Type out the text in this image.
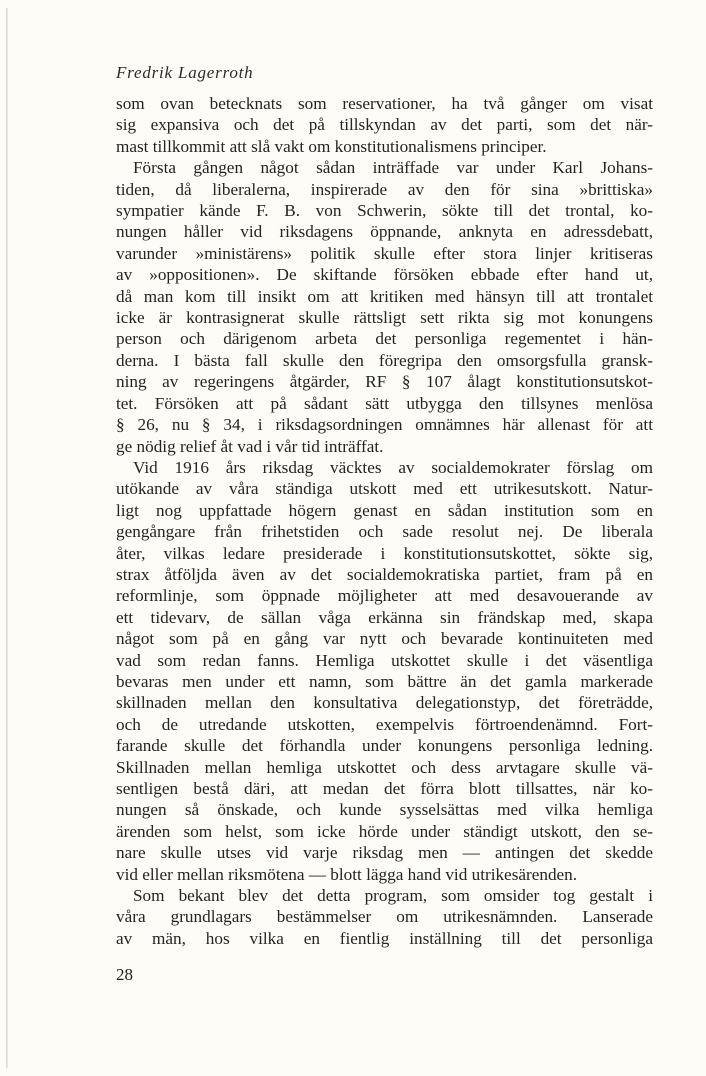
Fredrik Lagerroth
som ovan betecknats som reservationer, ha två gånger om visat
sig expansiva och det på tillskyndan av det parti, som det när-
mast tillkommit att slå vakt om konstitutionalismens principer.
Första gången något sådan inträffade var under Karl Johans-
tiden, då liberalerna, inspirerade av den för sina »brittiska»
sympatier kände F. B. von Schwerin, sökte till det trontal, ko-
nungen håller vid riksdagens öppnande, anknyta en adressdebatt,
varunder »ministärens» politik skulle efter stora linjer kritiseras
av »oppositionen». De skiftande försöken ebbade efter hand ut,
då man kom till insikt om att kritiken med hänsyn till att trontalet
icke är kontrasignerat skulle rättsligt sett rikta sig mot konungens
person och därigenom arbeta det personliga regementet i hän-
derna. I bästa fall skulle den föregripa den omsorgsfulla gransk-
ning av regeringens åtgärder, RF § 107 ålagt konstitutionsutskot-
tet. Försöken att på sådant sätt utbygga den tillsynes menlösa
§ 26, nu § 34, i riksdagsordningen omnämnes här allenast för att
ge nödig relief åt vad i vår tid inträffat.
Vid 1916 års riksdag väcktes av socialdemokrater förslag om
utökande av våra ständiga utskott med ett utrikesutskott. Natur-
ligt nog uppfattade högern genast en sådan institution som en
gengångare från frihetstiden och sade resolut nej. De liberala
åter, vilkas ledare presiderade i konstitutionsutskottet, sökte sig,
strax åtföljda även av det socialdemokratiska partiet, fram på en
reformlinje, som öppnade möjligheter att med desavouerande av
ett tidevarv, de sällan våga erkänna sin frändskap med, skapa
något som på en gång var nytt och bevarade kontinuiteten med
vad som redan fanns. Hemliga utskottet skulle i det väsentliga
bevaras men under ett namn, som bättre än det gamla markerade
skillnaden mellan den konsultativa delegationstyp, det företrädde,
och de utredande utskotten, exempelvis förtroendenämnd. Fort-
farande skulle det förhandla under konungens personliga ledning.
Skillnaden mellan hemliga utskottet och dess arvtagare skulle vä-
sentligen bestå däri, att medan det förra blott tillsattes, när ko-
nungen så önskade, och kunde sysselsättas med vilka hemliga
ärenden som helst, som icke hörde under ständigt utskott, den se-
nare skulle utses vid varje riksdag men — antingen det skedde
vid eller mellan riksmötena — blott lägga hand vid utrikesärenden.
Som bekant blev det detta program, som omsider tog gestalt i
våra grundlagars bestämmelser om utrikesnämnden. Lanserade
av män, hos vilka en fientlig inställning till det personliga
28
